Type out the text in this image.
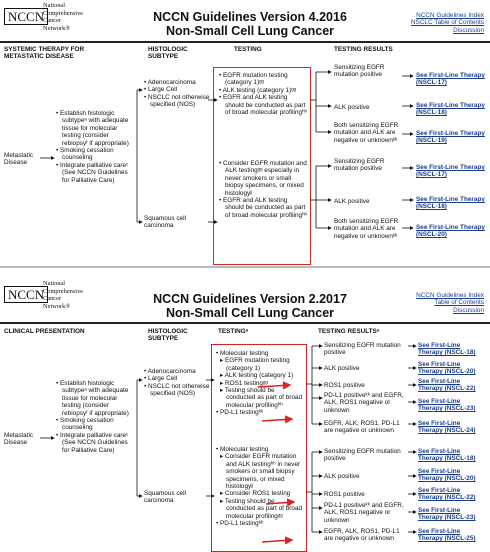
NCCN
National
Comprehensive
Cancer
Network®
NCCN Guidelines Version 4.2016
Non-Small Cell Lung Cancer
NCCN Guidelines Index
NSCLC Table of Contents
Discussion
SYSTEMIC THERAPY FOR METASTATIC DISEASE
HISTOLOGIC SUBTYPE
TESTING	TESTING RESULTS
Metastatic Disease
• Establish histologic subtypeᵃ with adequate tissue for molecular testing (consider rebiopsyᶠ if appropriate)
• Smoking cessation counseling
• Integrate palliative careᶜ (See NCCN Guidelines for Palliative Care)
• Adenocarcinoma
• Large Cell
• NSCLC not otherwise specified (NOS)
Squamous cell carcinoma
• EGFR mutation testing (category 1)ᵍᵍ
• ALK testing (category 1)ᵍᵍ
• EGFR and ALK testing should be conducted as part of broad molecular profilingʰʰ
• Consider EGFR mutation and ALK testingᵍᵍ especially in never smokers or small biopsy specimens, or mixed histologyʲʲ
• EGFR and ALK testing should be conducted as part of broad molecular profilingʰʰ
Sensitizing EGFR mutation positive
ALK positive
Both sensitizing EGFR mutation and ALK are negative or unknownᵏᵏ
Sensitizing EGFR mutation positive
ALK positive
Both sensitizing EGFR mutation and ALK are negative or unknownᵏᵏ
See First-Line Therapy (NSCL-17)
See First-Line Therapy (NSCL-18)
See First-Line Therapy (NSCL-19)
See First-Line Therapy (NSCL-17)
See First-Line Therapy (NSCL-18)
See First-Line Therapy (NSCL-20)
NCCN
National
Comprehensive
Cancer
Network®
NCCN Guidelines Version 2.2017
Non-Small Cell Lung Cancer
NCCN Guidelines Index
Table of Contents
Discussion
CLINICAL PRESENTATION	HISTOLOGIC SUBTYPE
TESTINGᵃ	TESTING RESULTSᵃ
Metastatic Disease
• Establish histologic subtypeᵃ with adequate tissue for molecular testing (consider rebiopsyᶠ if appropriate)
• Smoking cessation counseling
• Integrate palliative careᶜ (See NCCN Guidelines for Palliative Care)
• Adenocarcinoma
• Large Cell
• NSCLC not otherwise specified (NOS)
Squamous cell carcinoma
• Molecular testing
▸ EGFR mutation testing (category 1)
▸ ALK testing (category 1)
▸ ROS1 testingᵍᵍ
▸ Testing should be conducted as part of broad molecular profilingʰʰ
• PD-L1 testingᵏᵏ
• Molecular testing
▸ Consider EGFR mutation and ALK testingʰʰ in never smokers or small biopsy specimens, or mixed histologyʲʲ
▸ Consider ROS1 testing
▸ Testing should be conducted as part of broad molecular profilingᵍᵍ
• PD-L1 testingᵏᵏ
Sensitizing EGFR mutation positive
ALK positive
ROS1 positive
PD-L1 positiveᵏᵏ and EGFR, ALK, ROS1 negative or unknown
EGFR, ALK, ROS1, PD-L1 are negative or unknown
Sensitizing EGFR mutation positive
ALK positive
ROS1 positive
PD-L1 positiveᵏᵏ and EGFR, ALK, ROS1 negative or unknown
EGFR, ALK, ROS1, PD-L1 are negative or unknown
See First-Line Therapy (NSCL-18)
See First-Line Therapy (NSCL-20)
See First-Line Therapy (NSCL-22)
See First-Line Therapy (NSCL-23)
See First-Line Therapy (NSCL-24)
See First-Line Therapy (NSCL-18)
See First-Line Therapy (NSCL-20)
See First-Line Therapy (NSCL-22)
See First-Line Therapy (NSCL-23)
See First-Line Therapy (NSCL-25)
